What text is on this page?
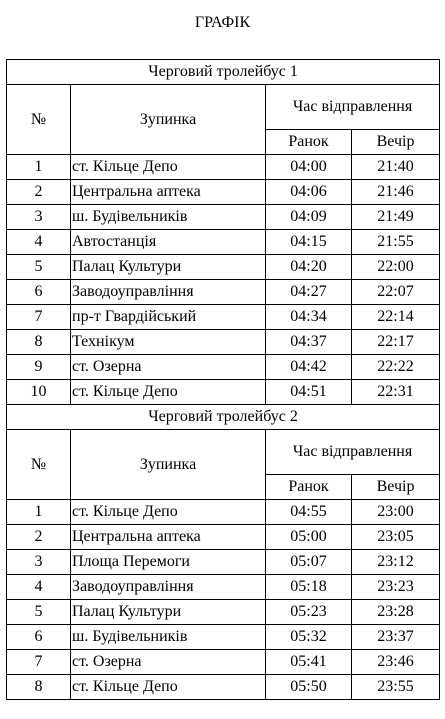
ГРАФІК
Черговий тролейбус 1			
№	Зупинка	Час відправлення	
		Ранок	Вечір
1	ст. Кільце Депо	04:00	21:40
2	Центральна аптека	04:06	21:46
3	ш. Будівельників	04:09	21:49
4	Автостанція	04:15	21:55
5	Палац Культури	04:20	22:00
6	Заводоуправління	04:27	22:07
7	пр-т Гвардійський	04:34	22:14
8	Технікум	04:37	22:17
9	ст. Озерна	04:42	22:22
10	ст. Кільце Депо	04:51	22:31
Черговий тролейбус 2			
№	Зупинка	Час відправлення	
		Ранок	Вечір
1	ст. Кільце Депо	04:55	23:00
2	Центральна аптека	05:00	23:05
3	Площа Перемоги	05:07	23:12
4	Заводоуправління	05:18	23:23
5	Палац Культури	05:23	23:28
6	ш. Будівельників	05:32	23:37
7	ст. Озерна	05:41	23:46
8	ст. Кільце Депо	05:50	23:55
